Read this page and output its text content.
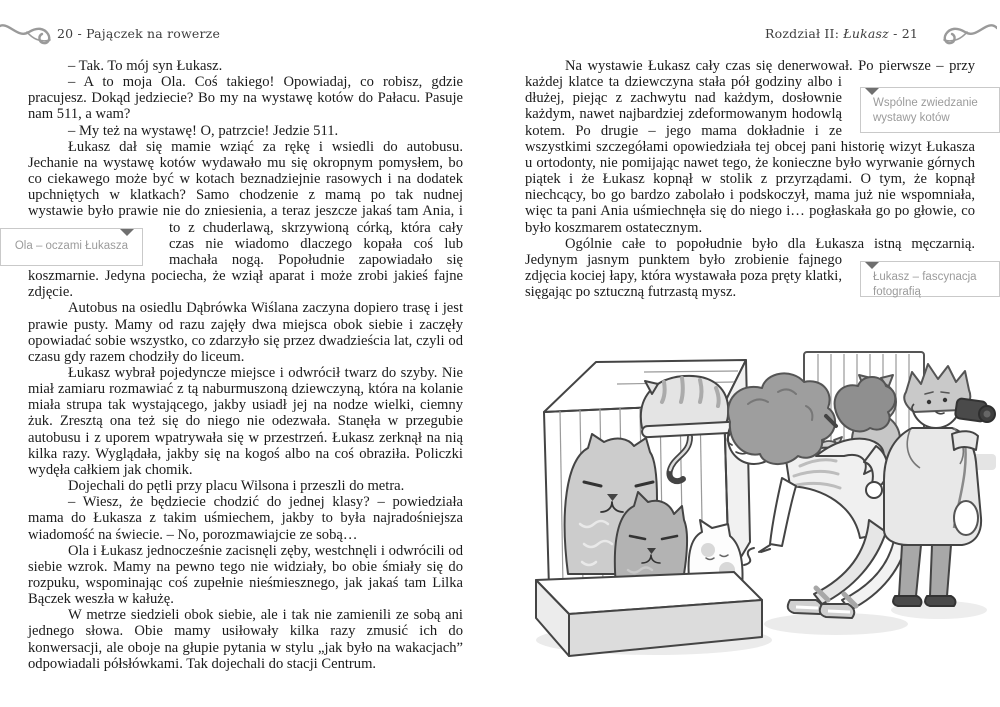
20 - Pajączek na rowerze
Ola – oczami Łukasza

– Tak. To mój syn Łukasz.

– A to moja Ola. Coś takiego! Opowiadaj, co robisz, gdzie pracujesz. Dokąd jedziecie? Bo my na wystawę kotów do Pałacu. Pasuje nam 511, a wam?

– My też na wystawę! O, patrzcie! Jedzie 511.

Łukasz dał się mamie wziąć za rękę i wsiedli do autobusu. Jechanie na wystawę kotów wydawało mu się okropnym pomysłem, bo co ciekawego może być w kotach beznadziejnie rasowych i na dodatek upchniętych w klatkach? Samo chodzenie z mamą po tak nudnej wystawie było prawie nie do zniesienia, a teraz jeszcze jakaś tam Ania, i to z chuderlawą, skrzywioną córką, która cały czas nie wiadomo dlaczego kopała coś lub machała nogą. Popołudnie zapowiadało się koszmarnie. Jedyna pociecha, że wziął aparat i może zrobi jakieś fajne zdjęcie.

Autobus na osiedlu Dąbrówka Wiślana zaczyna dopiero trasę i jest prawie pusty. Mamy od razu zajęły dwa miejsca obok siebie i zaczęły opowiadać sobie wszystko, co zdarzyło się przez dwadzieścia lat, czyli od czasu gdy razem chodziły do liceum.

Łukasz wybrał pojedyncze miejsce i odwrócił twarz do szyby. Nie miał zamiaru rozmawiać z tą naburmuszoną dziewczyną, która na kolanie miała strupa tak wystającego, jakby usiadł jej na nodze wielki, ciemny żuk. Zresztą ona też się do niego nie odezwała. Stanęła w przegubie autobusu i z uporem wpatrywała się w przestrzeń. Łukasz zerknął na nią kilka razy. Wyglądała, jakby się na kogoś albo na coś obraziła. Policzki wydęła całkiem jak chomik.

Dojechali do pętli przy placu Wilsona i przeszli do metra.

– Wiesz, że będziecie chodzić do jednej klasy? – powiedziała mama do Łukasza z takim uśmiechem, jakby to była najradośniejsza wiadomość na świecie. – No, porozmawiajcie ze sobą…

Ola i Łukasz jednocześnie zacisnęli zęby, westchnęli i odwrócili od siebie wzrok. Mamy na pewno tego nie widziały, bo obie śmiały się do rozpuku, wspominając coś zupełnie nieśmiesznego, jak jakaś tam Lilka Bączek weszła w kałużę.

W metrze siedzieli obok siebie, ale i tak nie zamienili ze sobą ani jednego słowa. Obie mamy usiłowały kilka razy zmusić ich do konwersacji, ale oboje na głupie pytania w stylu „jak było na wakacjach” odpowiadali półsłówkami. Tak dojechali do stacji Centrum.

Rozdział II: Łukasz - 21
Wspólne zwiedzanie wystawy kotów
Łukasz – fascynacja fotografią

Na wystawie Łukasz cały czas się denerwował. Po pierwsze – przy każdej klatce ta dziewczyna stała pół godziny albo i dłużej, piejąc z zachwytu nad każdym, dosłownie każdym, nawet najbardziej zdeformowanym hodowlą kotem. Po drugie – jego mama dokładnie i ze wszystkimi szczegółami opowiedziała tej obcej pani historię wizyt Łukasza u ortodonty, nie pomijając nawet tego, że konieczne było wyrwanie górnych piątek i że Łukasz kopnął w stolik z przyrządami. O tym, że kopnął niechcący, bo go bardzo zabolało i podskoczył, mama już nie wspomniała, więc ta pani Ania uśmiechnęła się do niego i… pogłaskała go po głowie, co było koszmarem ostatecznym.

Ogólnie całe to popołudnie było dla Łukasza istną męczarnią. Jedynym jasnym punktem było zrobienie fajnego zdjęcia kociej łapy, która wystawała poza pręty klatki, sięgając po sztuczną futrzastą mysz.
